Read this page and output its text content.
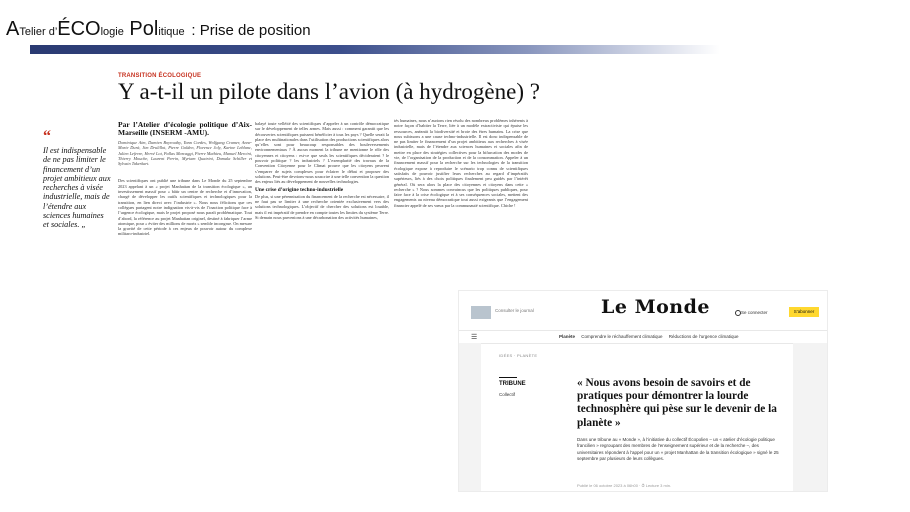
ATelier d’ÉCOlogie Politique : Prise de position
TRANSITION ÉCOLOGIQUE
Y a-t-il un pilote dans l’avion (à hydrogène) ?
“
Il est indispensable de ne pas limiter le financement d’un projet ambitieux aux recherches à visée industrielle, mais de l’étendre aux sciences humaines et sociales. „
Par l’Atelier d’écologie politique d’Aix-Marseille (INSERM -AMU).
Dominique Aim, Damien Boyrouthy, Yann Cordes, Wolfgang Cramer, Anne-Marie Durà, Jim Drulillot, Pierre Golden, Florence Joly, Karine Leblanc, Julien Lefevre, Hervé Lot, Pallas Marcaggi, Pierre Mathieu, Manuel Mercini, Thierry Mouche, Laurent Perrin, Myriam Quatrini, Damala Schiller et Sylvain Takerkart.
Des scientifiques ont publié une tribune dans Le Monde du 25 septembre 2023 appelant à un « projet Manhattan de la transition écologique », un investissement massif pour « bâtir un centre de recherche et d’innovation, chargé de développer les outils scientifiques et technologiques pour la transition, en lien direct avec l’industrie ». Nous nous félicitons que ces collègues partagent notre indignation vis-à-vis de l’inaction politique face à l’urgence écologique, mais le projet proposé nous paraît problématique. Tout d’abord, la référence au projet Manhattan originel, destiné à fabriquer l’arme atomique, pour « éviter des millions de morts » semble incongrue. On mesure la gravité de cette période à ces enjeux de pouvoir autour du complexe militaro-industriel.
balayé toute velléité des scientifiques d’appeler à un contrôle démocratique sur le développement de telles armes. Mais aussi : comment garantit que les découvertes scientifiques puissent bénéficier à tous les pays ? Quelle serait la place des multinationales dans l’utilisation des productions scientifiques alors qu’elles sont pour beaucoup responsables des bouleversements environnementaux ? À aucun moment la tribune ne mentionne le rôle des citoyennes et citoyens : est-ce que seuls les scientifiques décideraient ? le pouvoir politique ? les industriels ? L’exemplarité des travaux de la Convention Citoyenne pour le Climat prouve que les citoyens peuvent s’emparer de sujets complexes pour éclairer le débat et proposer des solutions. Peut-être devrions-nous souscrire à une telle convention la question des enjeux liés au développement de nouvelles technologies.
Une crise d’origine techno-industrielle
De plus, si une pérennisation du financement de la recherche est nécessaire, il ne faut pas se limiter à une recherche orientée exclusivement vers des solutions technologiques. L’objectif de chercher des solutions est louable, mais il est impératif de prendre en compte toutes les limites du système Terre. Si demain nous parvenions à une décarbonation des activités humaines,
tés humaines, nous n’aurions rien résolu des nombreux problèmes inhérents à notre façon d’habiter la Terre, liée à un modèle extractiviste qui épuise les ressources, anéantit la biodiversité et broie des êtres humains. La crise que nous subissons a une cause techno-industrielle. Il est donc indispensable de ne pas limiter le financement d’un projet ambitieux aux recherches à visée industrielle, mais de l’étendre aux sciences humaines et sociales afin de mettre en place des stratégies collectives pour la bifurcation des modes de vie, de l’organisation de la production et de la consommation. Appeler à un financement massif pour la recherche sur les technologies de la transition écologique expose à reproduire le scénario trop connu de scientifiques satisfaits de pouvoir justifier leurs recherches au regard d’impératifs supérieurs, liés à des choix politiques finalement peu guidés par l’intérêt général. Où sera alors la place des citoyennes et citoyens dans cette « recherche » ? Nous sommes convaincus que les politiques publiques, pour faire face à la crise écologique et à ses conséquences sociales, mettent des engagements au niveau démocratique tout aussi exigeants que l’engagement financier appelé de ses vœux par la communauté scientifique. Chiche !
Consulter le journal	Le Monde	Se connecter	S’abonner
☰	Planète Comprendre le réchauffement climatique Réductions de l’urgence climatique
IDÉES · PLANÈTE
TRIBUNE
Collectif
« Nous avons besoin de savoirs et de pratiques pour démontrer la lourde technosphère qui pèse sur le devenir de la planète »
Dans une tribune au « Monde », à l’initiative du collectif Écopolien – un « atelier d’écologie politique francilien » regroupant des membres de l’enseignement supérieur et de la recherche –, des universitaires répondent à l’appel pour un « projet Manhattan de la transition écologique » signé le 25 septembre par plusieurs de leurs collègues.
Publié le 06 octobre 2023 à 06h00 · ⏱ Lecture 3 min.
